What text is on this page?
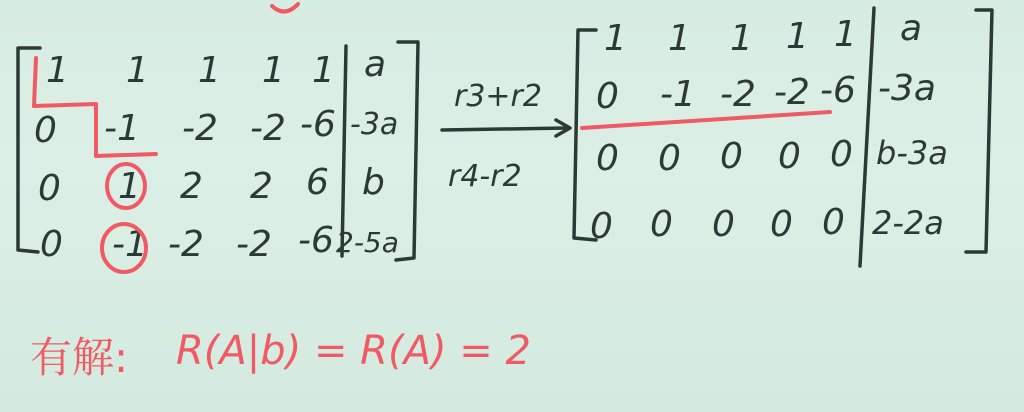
1 1 1 1 1 a
0 -1 -2 -2 -6 -3a
0 1 2 2 6 b
0 -1 -2 -2 -6 2-5a
r3+r2
r4-r2
1 1 1 1 1 a
0 -1 -2 -2 -6 -3a
0 0 0 0 0 b-3a
0 0 0 0 0 2-2a
有解: R(A|b) = R(A) = 2
